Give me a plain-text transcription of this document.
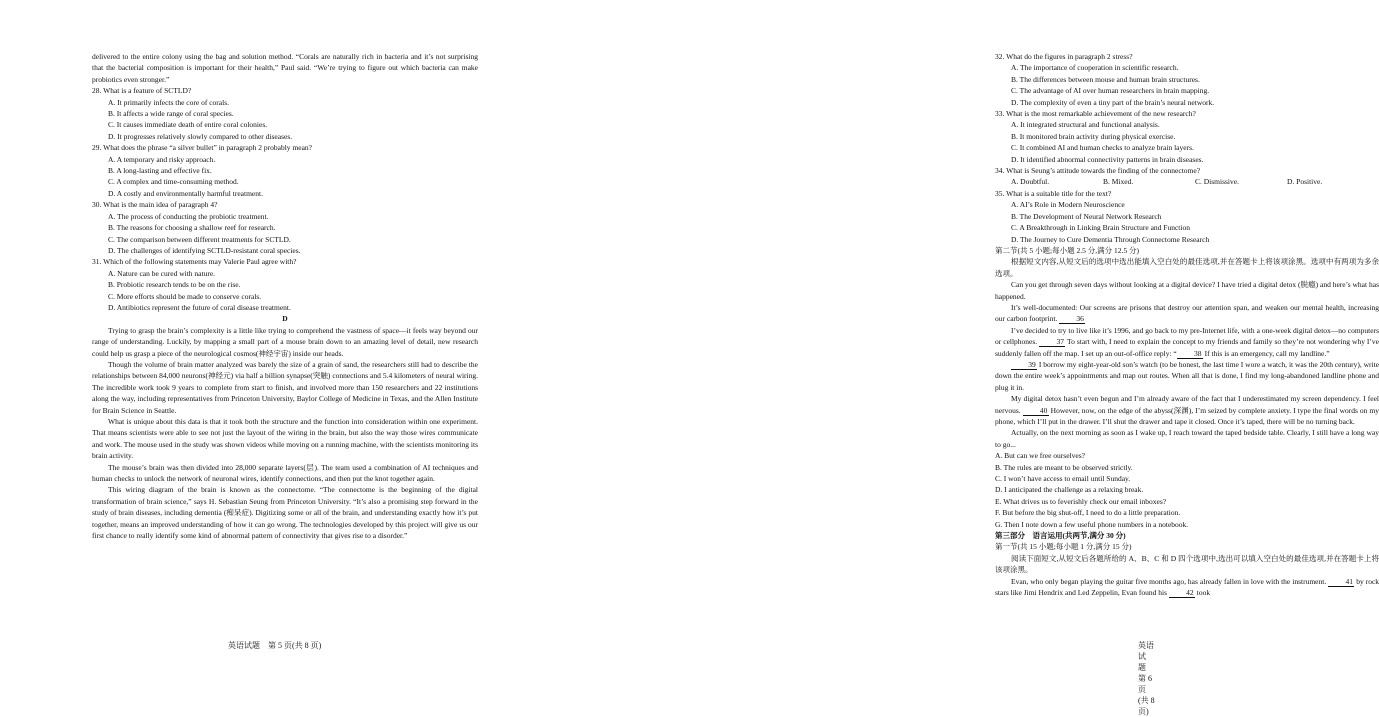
delivered to the entire colony using the bag and solution method. “Corals are naturally rich in bacteria and it’s not surprising that the bacterial composition is important for their health,” Paul said. “We’re trying to figure out which bacteria can make probiotics even stronger.”

28. What is a feature of SCTLD?

A. It primarily infects the core of corals.

B. It affects a wide range of coral species.

C. It causes immediate death of entire coral colonies.

D. It progresses relatively slowly compared to other diseases.

29. What does the phrase “a silver bullet” in paragraph 2 probably mean?

A. A temporary and risky approach.

B. A long-lasting and effective fix.

C. A complex and time-consuming method.

D. A costly and environmentally harmful treatment.

30. What is the main idea of paragraph 4?

A. The process of conducting the probiotic treatment.

B. The reasons for choosing a shallow reef for research.

C. The comparison between different treatments for SCTLD.

D. The challenges of identifying SCTLD-resistant coral species.

31. Which of the following statements may Valerie Paul agree with?

A. Nature can be cured with nature.

B. Probiotic research tends to be on the rise.

C. More efforts should be made to conserve corals.

D. Antibiotics represent the future of coral disease treatment.

D

Trying to grasp the brain’s complexity is a little like trying to comprehend the vastness of space—it feels way beyond our range of understanding. Luckily, by mapping a small part of a mouse brain down to an amazing level of detail, new research could help us grasp a piece of the neurological cosmos(神经宇宙) inside our heads.

Though the volume of brain matter analyzed was barely the size of a grain of sand, the researchers still had to describe the relationships between 84,000 neurons(神经元) via half a billion synapse(突触) connections and 5.4 kilometers of neural wiring. The incredible work took 9 years to complete from start to finish, and involved more than 150 researchers and 22 institutions along the way, including representatives from Princeton University, Baylor College of Medicine in Texas, and the Allen Institute for Brain Science in Seattle.

What is unique about this data is that it took both the structure and the function into consideration within one experiment. That means scientists were able to see not just the layout of the wiring in the brain, but also the way those wires communicate and work. The mouse used in the study was shown videos while moving on a running machine, with the scientists monitoring its brain activity.

The mouse’s brain was then divided into 28,000 separate layers(层). The team used a combination of AI techniques and human checks to unlock the network of neuronal wires, identify connections, and then put the knot together again.

This wiring diagram of the brain is known as the connectome. “The connectome is the beginning of the digital transformation of brain science,” says H. Sebastian Seung from Princeton University. “It’s also a promising step forward in the study of brain diseases, including dementia (痴呆症). Digitizing some or all of the brain, and understanding exactly how it’s put together, means an improved understanding of how it can go wrong. The technologies developed by this project will give us our first chance to really identify some kind of abnormal pattern of connectivity that gives rise to a disorder.”

英语试题 第 5 页(共 8 页)

32. What do the figures in paragraph 2 stress?

A. The importance of cooperation in scientific research.

B. The differences between mouse and human brain structures.

C. The advantage of AI over human researchers in brain mapping.

D. The complexity of even a tiny part of the brain’s neural network.

33. What is the most remarkable achievement of the new research?

A. It integrated structural and functional analysis.

B. It monitored brain activity during physical exercise.

C. It combined AI and human checks to analyze brain layers.

D. It identified abnormal connectivity patterns in brain diseases.

34. What is Seung’s attitude towards the finding of the connectome?

A. Doubtful.	B. Mixed.	C. Dismissive.	D. Positive.

35. What is a suitable title for the text?

A. AI’s Role in Modern Neuroscience

B. The Development of Neural Network Research

C. A Breakthrough in Linking Brain Structure and Function

D. The Journey to Cure Dementia Through Connectome Research

第二节(共 5 小题;每小题 2.5 分,满分 12.5 分)

根据短文内容,从短文后的选项中选出能填入空白处的最佳选项,并在答题卡上将该项涂黑。选项中有两项为多余选项。

Can you get through seven days without looking at a digital device? I have tried a digital detox (脱瘾) and here’s what has happened.

It’s well-documented: Our screens are prisons that destroy our attention span, and weaken our mental health, increasing our carbon footprint.	36

I’ve decided to try to live like it’s 1996, and go back to my pre-Internet life, with a one-week digital detox—no computers or cellphones.	37 To start with, I need to explain the concept to my friends and family so they’re not wondering why I’ve suddenly fallen off the map. I set up an out-of-office reply: “ 38 If this is an emergency, call my landline.”

39 I borrow my eight-year-old son’s watch (to be honest, the last time I wore a watch, it was the 20th century), write down the entire week’s appointments and map out routes. When all that is done, I find my long-abandoned landline phone and plug it in.

My digital detox hasn’t even begun and I’m already aware of the fact that I underestimated my screen dependency. I feel nervous.	40 However, now, on the edge of the abyss(深渊), I’m seized by complete anxiety. I type the final words on my phone, which I’ll put in the drawer. I’ll shut the drawer and tape it closed. Once it’s taped, there will be no turning back.

Actually, on the next morning as soon as I wake up, I reach toward the taped bedside table. Clearly, I still have a long way to go...

A. But can we free ourselves?

B. The rules are meant to be observed strictly.

C. I won’t have access to email until Sunday.

D. I anticipated the challenge as a relaxing break.

E. What drives us to feverishly check our email inboxes?

F. But before the big shut-off, I need to do a little preparation.

G. Then I note down a few useful phone numbers in a notebook.

第三部分　语言运用(共两节,满分 30 分)

第一节(共 15 小题;每小题 1 分,满分 15 分)

阅读下面短文,从短文后各题所给的 A、B、C 和 D 四个选项中,选出可以填入空白处的最佳选项,并在答题卡上将该项涂黑。

Evan, who only began playing the guitar five months ago, has already fallen in love with the instrument.	41 by rock stars like Jimi Hendrix and Led Zeppelin, Evan found his	42 took

英语试题 第 6 页(共 8 页)
